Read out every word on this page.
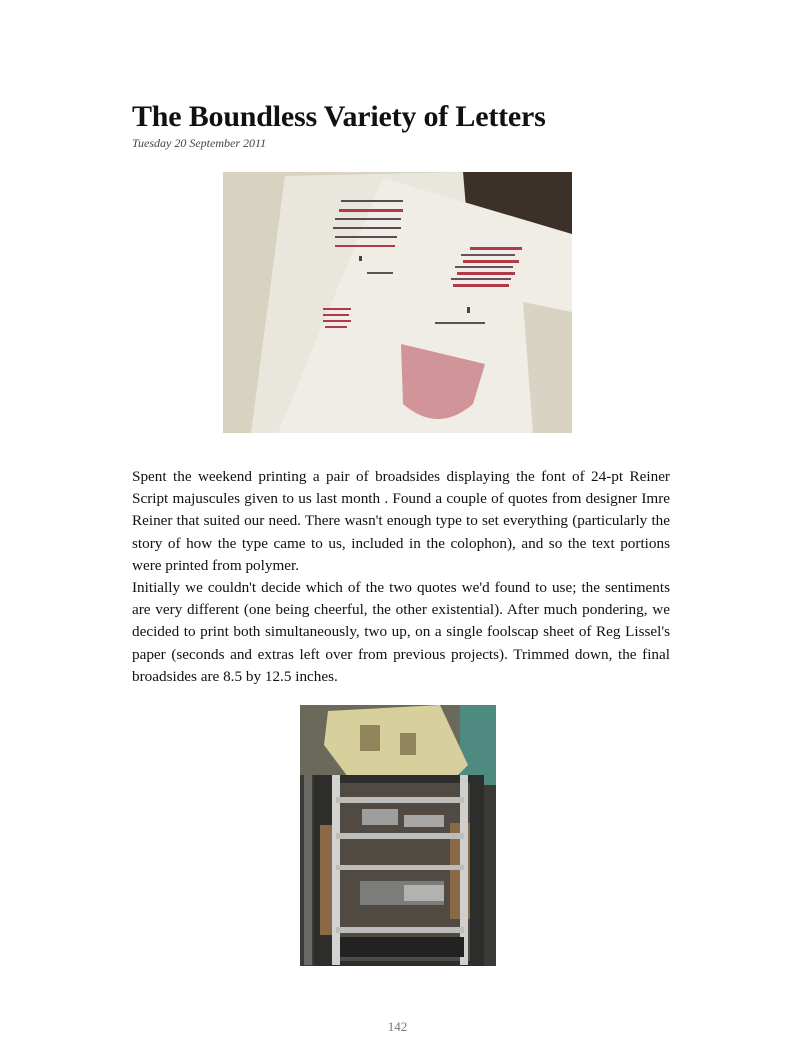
The Boundless Variety of Letters
Tuesday 20 September 2011

Spent the weekend printing a pair of broadsides displaying the font of 24-pt Reiner Script majuscules given to us last month . Found a couple of quotes from designer Imre Reiner that suited our need. There wasn't enough type to set everything (particularly the story of how the type came to us, included in the colophon), and so the text portions were printed from polymer.

Initially we couldn't decide which of the two quotes we'd found to use; the sentiments are very different (one being cheerful, the other existential). After much pondering, we decided to print both simultaneously, two up, on a single foolscap sheet of Reg Lissel's paper (seconds and extras left over from previous projects). Trimmed down, the final broadsides are 8.5 by 12.5 inches.

142
